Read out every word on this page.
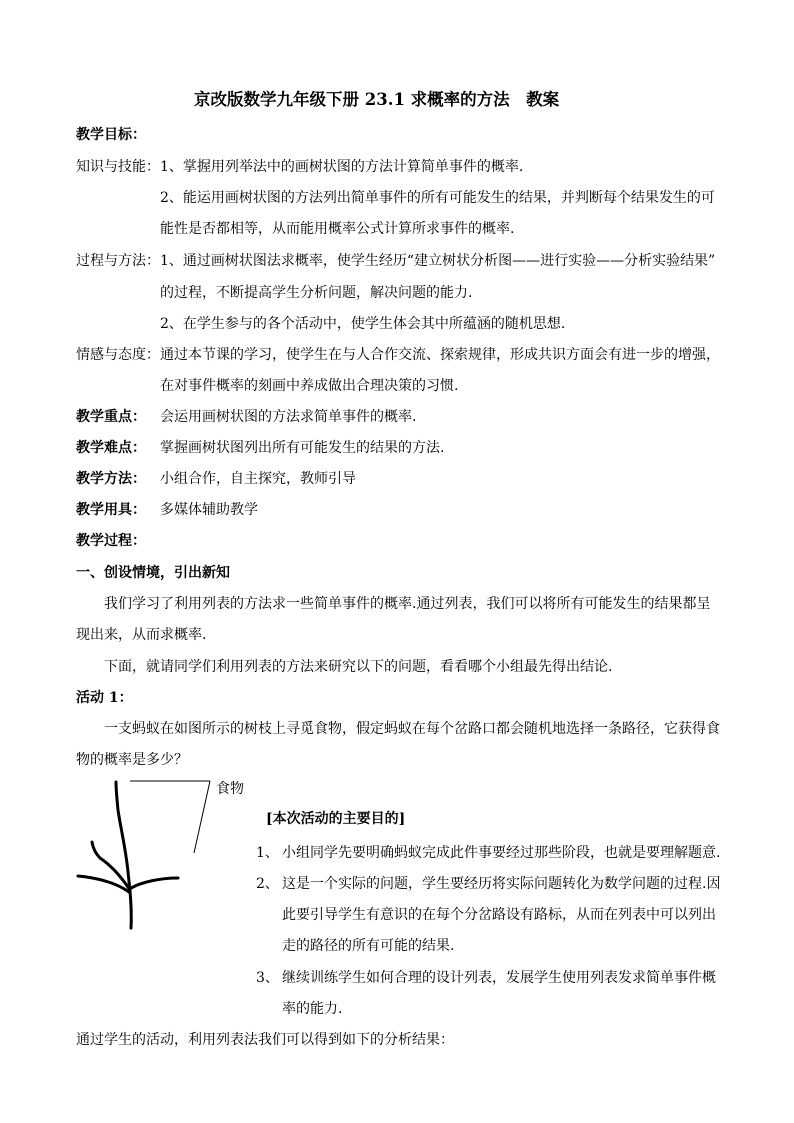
京改版数学九年级下册 23.1 求概率的方法　教案
教学目标：
知识与技能： 1、掌握用列举法中的画树状图的方法计算简单事件的概率.
2、能运用画树状图的方法列出简单事件的所有可能发生的结果，并判断每个结果发生的可
能性是否都相等，从而能用概率公式计算所求事件的概率.
过程与方法： 1、通过画树状图法求概率，使学生经历“建立树状分析图——进行实验——分析实验结果”
的过程，不断提高学生分析问题，解决问题的能力.
2、在学生参与的各个活动中，使学生体会其中所蕴涵的随机思想.
情感与态度： 通过本节课的学习，使学生在与人合作交流、探索规律，形成共识方面会有进一步的增强，
在对事件概率的刻画中养成做出合理决策的习惯.
教学重点： 会运用画树状图的方法求简单事件的概率.
教学难点： 掌握画树状图列出所有可能发生的结果的方法.
教学方法： 小组合作，自主探究，教师引导
教学用具： 多媒体辅助教学
教学过程：
一、创设情境，引出新知
我们学习了利用列表的方法求一些简单事件的概率.通过列表，我们可以将所有可能发生的结果都呈
现出来，从而求概率.
下面，就请同学们利用列表的方法来研究以下的问题，看看哪个小组最先得出结论.
活动 1：
一支蚂蚁在如图所示的树枝上寻觅食物，假定蚂蚁在每个岔路口都会随机地选择一条路径，它获得食
物的概率是多少？
食物
[本次活动的主要目的]
1、 小组同学先要明确蚂蚁完成此件事要经过那些阶段，也就是要理解题意.
2、 这是一个实际的问题，学生要经历将实际问题转化为数学问题的过程.因
此要引导学生有意识的在每个分岔路设有路标，从而在列表中可以列出
走的路径的所有可能的结果.
3、 继续训练学生如何合理的设计列表，发展学生使用列表发求简单事件概
率的能力.
通过学生的活动，利用列表法我们可以得到如下的分析结果：
